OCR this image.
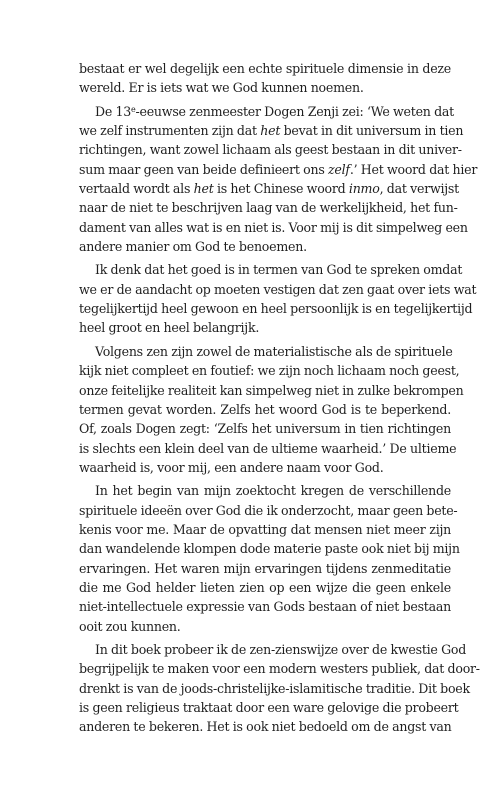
bestaat er wel degelijk een echte spirituele dimensie in deze
wereld. Er is iets wat we God kunnen noemen.
De 13e-eeuwse zenmeester Dogen Zenji zei: ‘We weten dat
we zelf instrumenten zijn dat het bevat in dit universum in tien
richtingen, want zowel lichaam als geest bestaan in dit univer-
sum maar geen van beide definieert ons zelf.’ Het woord dat hier
vertaald wordt als het is het Chinese woord inmo, dat verwijst
naar de niet te beschrijven laag van de werkelijkheid, het fun-
dament van alles wat is en niet is. Voor mij is dit simpelweg een
andere manier om God te benoemen.
Ik denk dat het goed is in termen van God te spreken omdat
we er de aandacht op moeten vestigen dat zen gaat over iets wat
tegelijkertijd heel gewoon en heel persoonlijk is en tegelijkertijd
heel groot en heel belangrijk.
Volgens zen zijn zowel de materialistische als de spirituele
kijk niet compleet en foutief: we zijn noch lichaam noch geest,
onze feitelijke realiteit kan simpelweg niet in zulke bekrompen
termen gevat worden. Zelfs het woord God is te beperkend.
Of, zoals Dogen zegt: ‘Zelfs het universum in tien richtingen
is slechts een klein deel van de ultieme waarheid.’ De ultieme
waarheid is, voor mij, een andere naam voor God.
In het begin van mijn zoektocht kregen de verschillende
spirituele ideeën over God die ik onderzocht, maar geen bete-
kenis voor me. Maar de opvatting dat mensen niet meer zijn
dan wandelende klompen dode materie paste ook niet bij mijn
ervaringen. Het waren mijn ervaringen tijdens zenmeditatie
die me God helder lieten zien op een wijze die geen enkele
niet-intellectuele expressie van Gods bestaan of niet bestaan
ooit zou kunnen.
In dit boek probeer ik de zen-zienswijze over de kwestie God
begrijpelijk te maken voor een modern westers publiek, dat door-
drenkt is van de joods-christelijke-islamitische traditie. Dit boek
is geen religieus traktaat door een ware gelovige die probeert
anderen te bekeren. Het is ook niet bedoeld om de angst van
